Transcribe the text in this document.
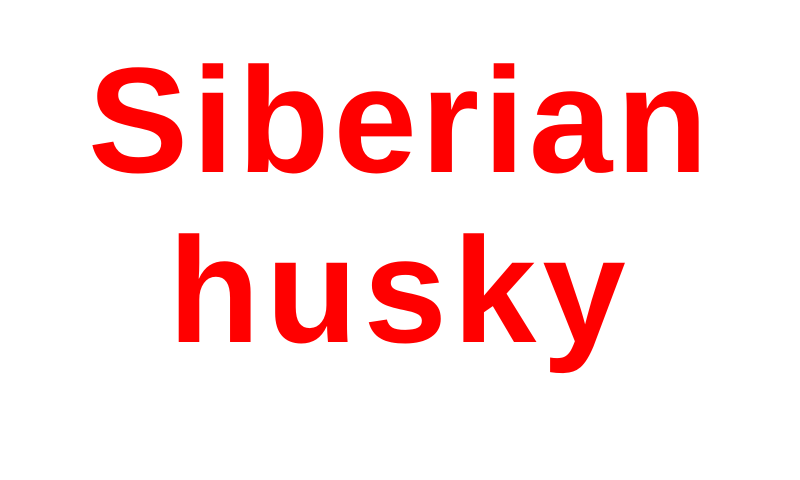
Siberian
husky
